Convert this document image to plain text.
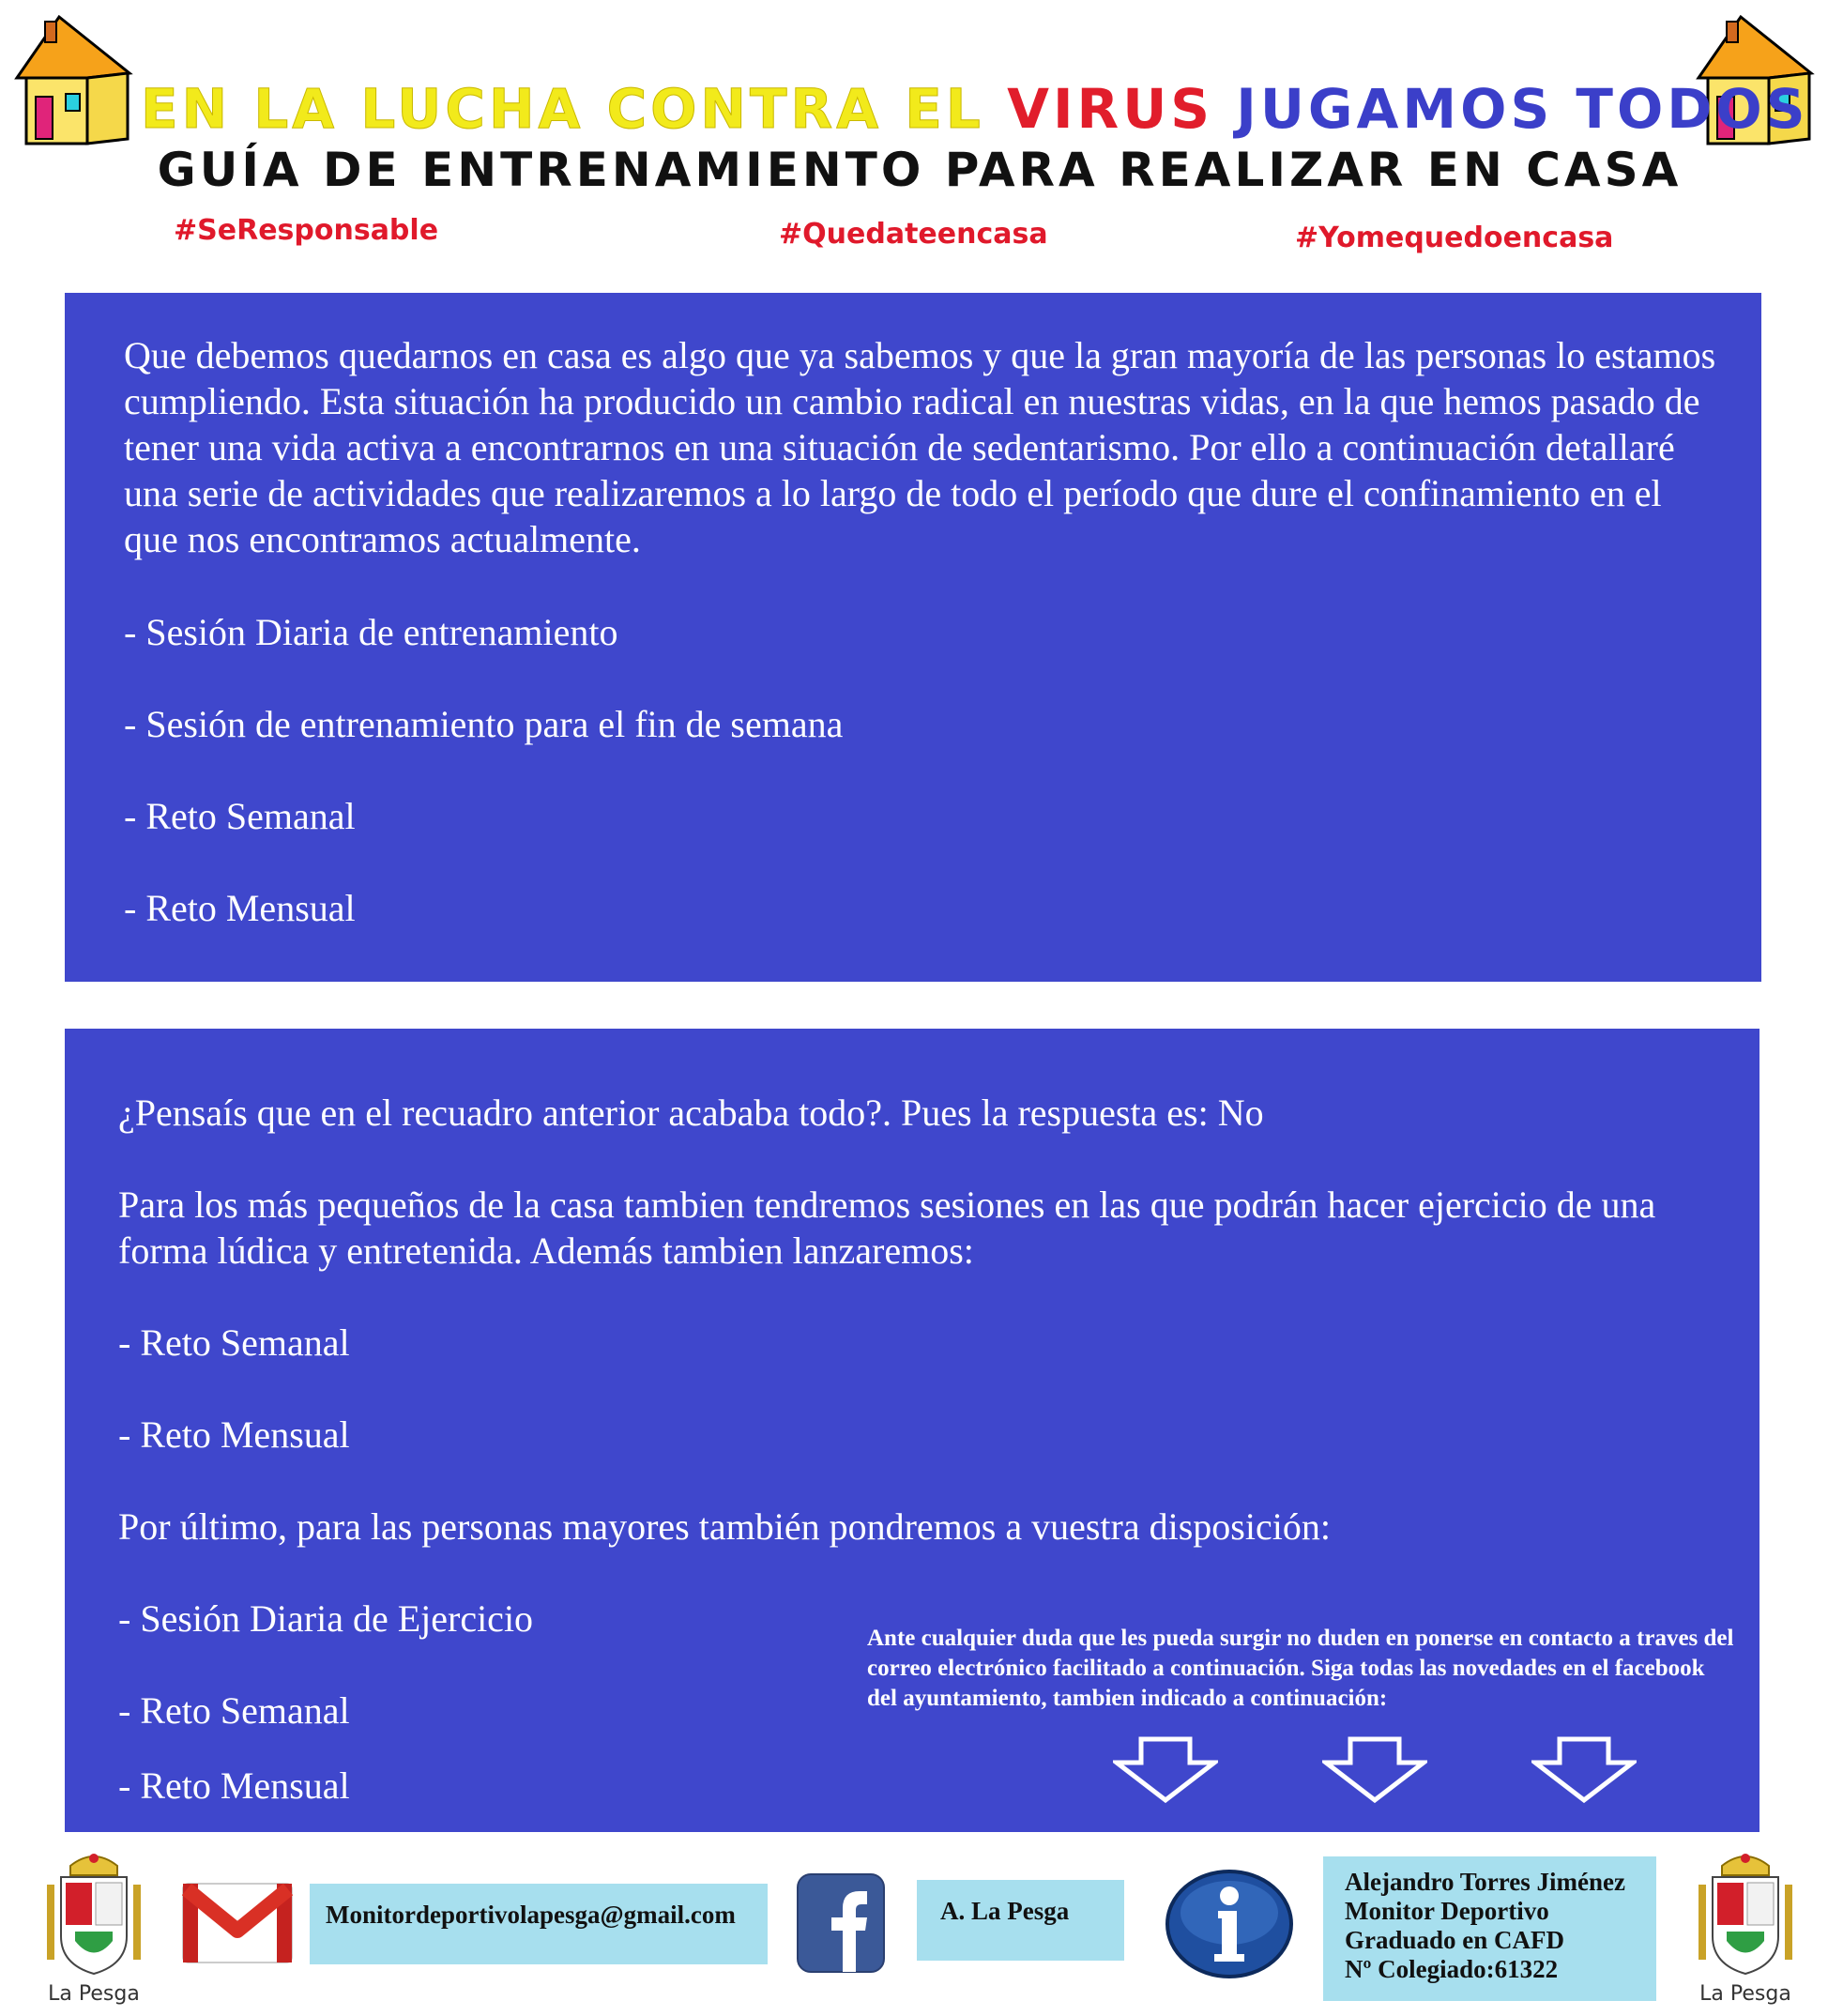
EN LA LUCHA CONTRA EL VIRUS JUGAMOS TODOS
GUÍA DE ENTRENAMIENTO PARA REALIZAR EN CASA
#SeResponsable	#Quedateencasa	#Yomequedoencasa

Que debemos quedarnos en casa es algo que ya sabemos y que la gran mayoría de las personas lo estamos cumpliendo. Esta situación ha producido un cambio radical en nuestras vidas, en la que hemos pasado de tener una vida activa a encontrarnos en una situación de sedentarismo. Por ello a continuación detallaré una serie de actividades que realizaremos a lo largo de todo el período que dure el confinamiento en el que nos encontramos actualmente.

- Sesión Diaria de entrenamiento

- Sesión de entrenamiento para el fin de semana

- Reto Semanal

- Reto Mensual

¿Pensaís que en el recuadro anterior acababa todo?. Pues la respuesta es: No

Para los más pequeños de la casa tambien tendremos sesiones en las que podrán hacer ejercicio de una forma lúdica y entretenida. Además tambien lanzaremos:

- Reto Semanal

- Reto Mensual

Por último, para las personas mayores también pondremos a vuestra disposición:

- Sesión Diaria de Ejercicio

- Reto Semanal

- Reto Mensual

Ante cualquier duda que les pueda surgir no duden en ponerse en contacto a traves del correo electrónico facilitado a continuación. Siga todas las novedades en el facebook del ayuntamiento, tambien indicado a continuación:
La Pesga
Monitordeportivolapesga@gmail.com	A. La Pesga
Alejandro Torres Jiménez
Monitor Deportivo
Graduado en CAFD
Nº Colegiado:61322
La Pesga
